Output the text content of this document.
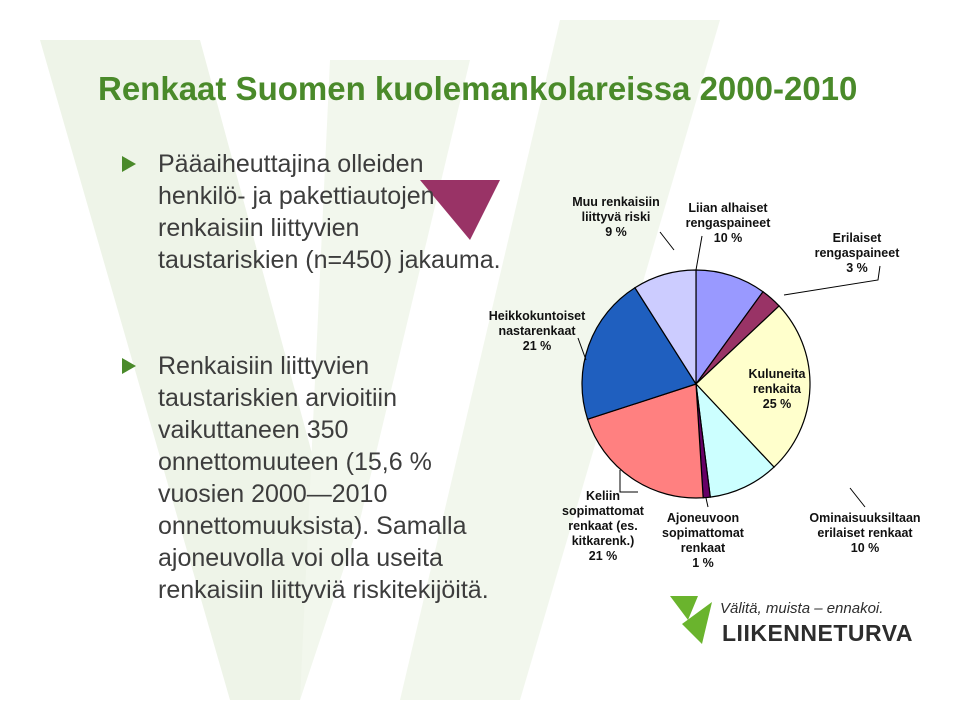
Renkaat Suomen kuolemankolareissa 2000-2010
Pääaiheuttajina olleiden henkilö- ja pakettiautojen renkaisiin liittyvien taustariskien (n=450) jakauma.
Renkaisiin liittyvien taustariskien arvioitiin vaikuttaneen 350 onnettomuuteen (15,6 % vuosien 2000—2010 onnettomuuksista). Samalla ajoneuvolla voi olla useita renkaisiin liittyviä riskitekijöitä.
Liian alhaiset rengaspaineet 10 %	Erilaiset rengaspaineet 3 %
Kuluneita renkaita 25 %
Ominaisuuksiltaan erilaiset renkaat 10 %
Ajoneuvoon sopimattomat renkaat 1 %
Keliin sopimattomat renkaat (es. kitkarenk.) 21 %
Heikkokuntoiset nastarenkaat 21 %
Muu renkaisiin liittyvä riski 9 %
Välitä, muista – ennakoi.
LIIKENNETURVA
